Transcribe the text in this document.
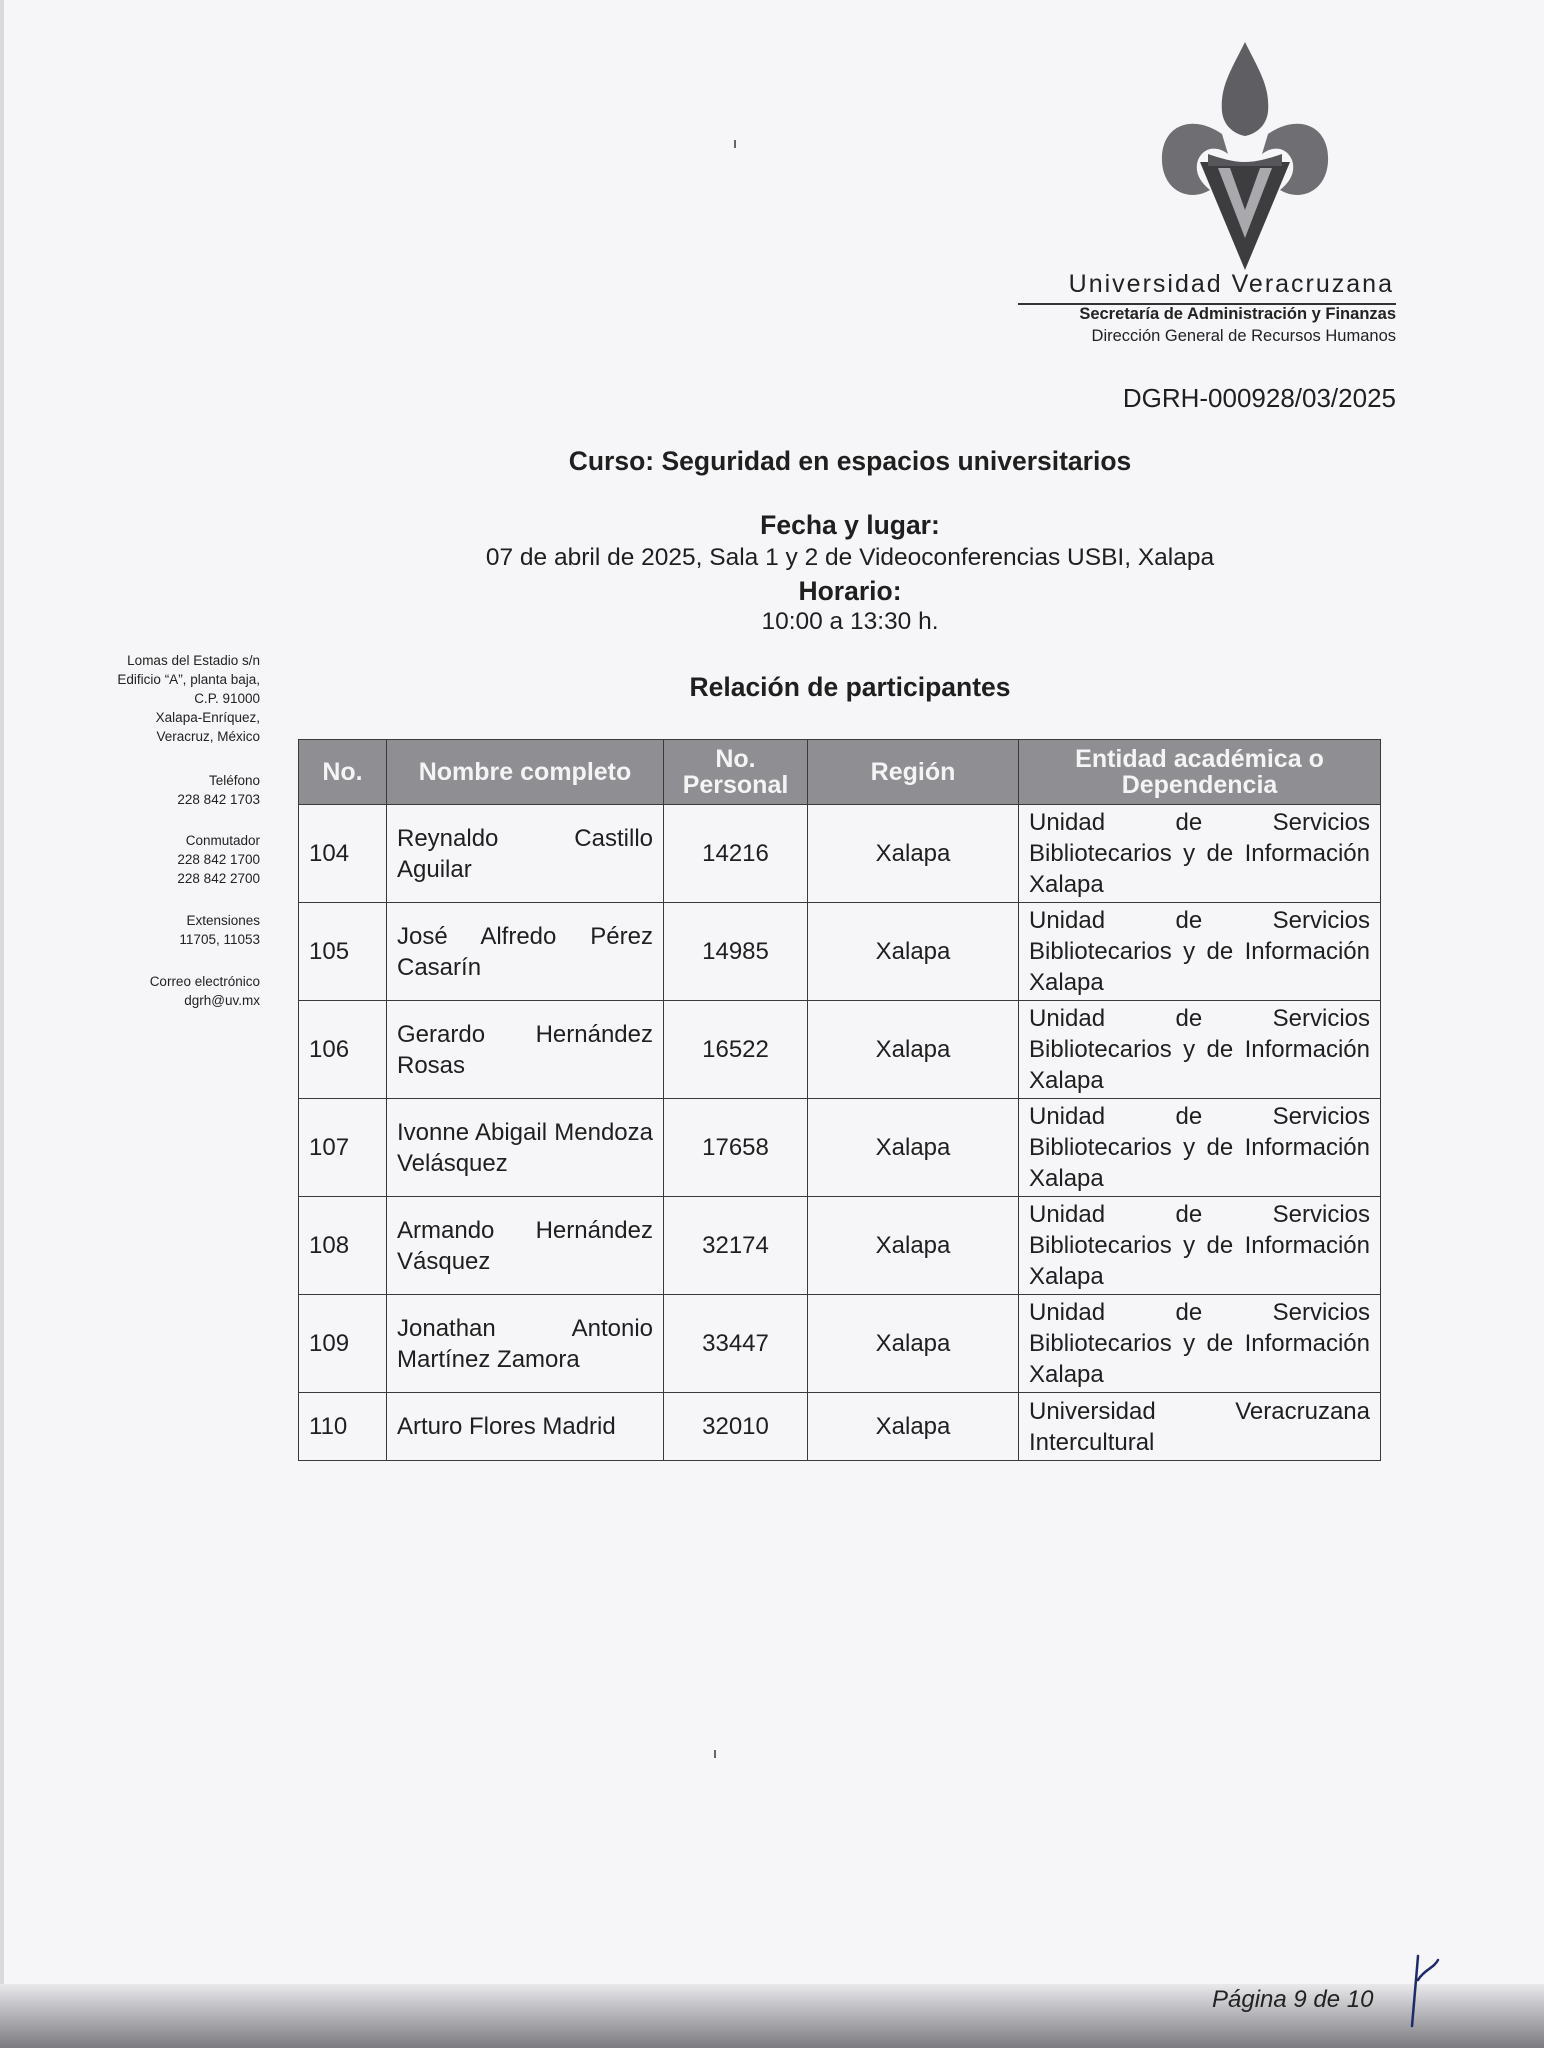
Universidad Veracruzana
Secretaría de Administración y Finanzas
Dirección General de Recursos Humanos
DGRH-000928/03/2025
Curso: Seguridad en espacios universitarios
Fecha y lugar:
07 de abril de 2025, Sala 1 y 2 de Videoconferencias USBI, Xalapa
Horario:
10:00 a 13:30 h.
Relación de participantes
Lomas del Estadio s/n
Edificio “A”, planta baja,
C.P. 91000
Xalapa-Enríquez,
Veracruz, México
Teléfono
228 842 1703
Conmutador
228 842 1700
228 842 2700
Extensiones
11705, 11053
Correo electrónico
dgrh@uv.mx
No.	Nombre completo	No. Personal	Región	Entidad académica o Dependencia
104	Reynaldo Castillo Aguilar	14216	Xalapa	Unidad de Servicios Bibliotecarios y de Información Xalapa
105	José Alfredo Pérez Casarín	14985	Xalapa	Unidad de Servicios Bibliotecarios y de Información Xalapa
106	Gerardo Hernández Rosas	16522	Xalapa	Unidad de Servicios Bibliotecarios y de Información Xalapa
107	Ivonne Abigail Mendoza Velásquez	17658	Xalapa	Unidad de Servicios Bibliotecarios y de Información Xalapa
108	Armando Hernández Vásquez	32174	Xalapa	Unidad de Servicios Bibliotecarios y de Información Xalapa
109	Jonathan Antonio Martínez Zamora	33447	Xalapa	Unidad de Servicios Bibliotecarios y de Información Xalapa
110	Arturo Flores Madrid	32010	Xalapa	Universidad Veracruzana Intercultural
Página 9 de 10
